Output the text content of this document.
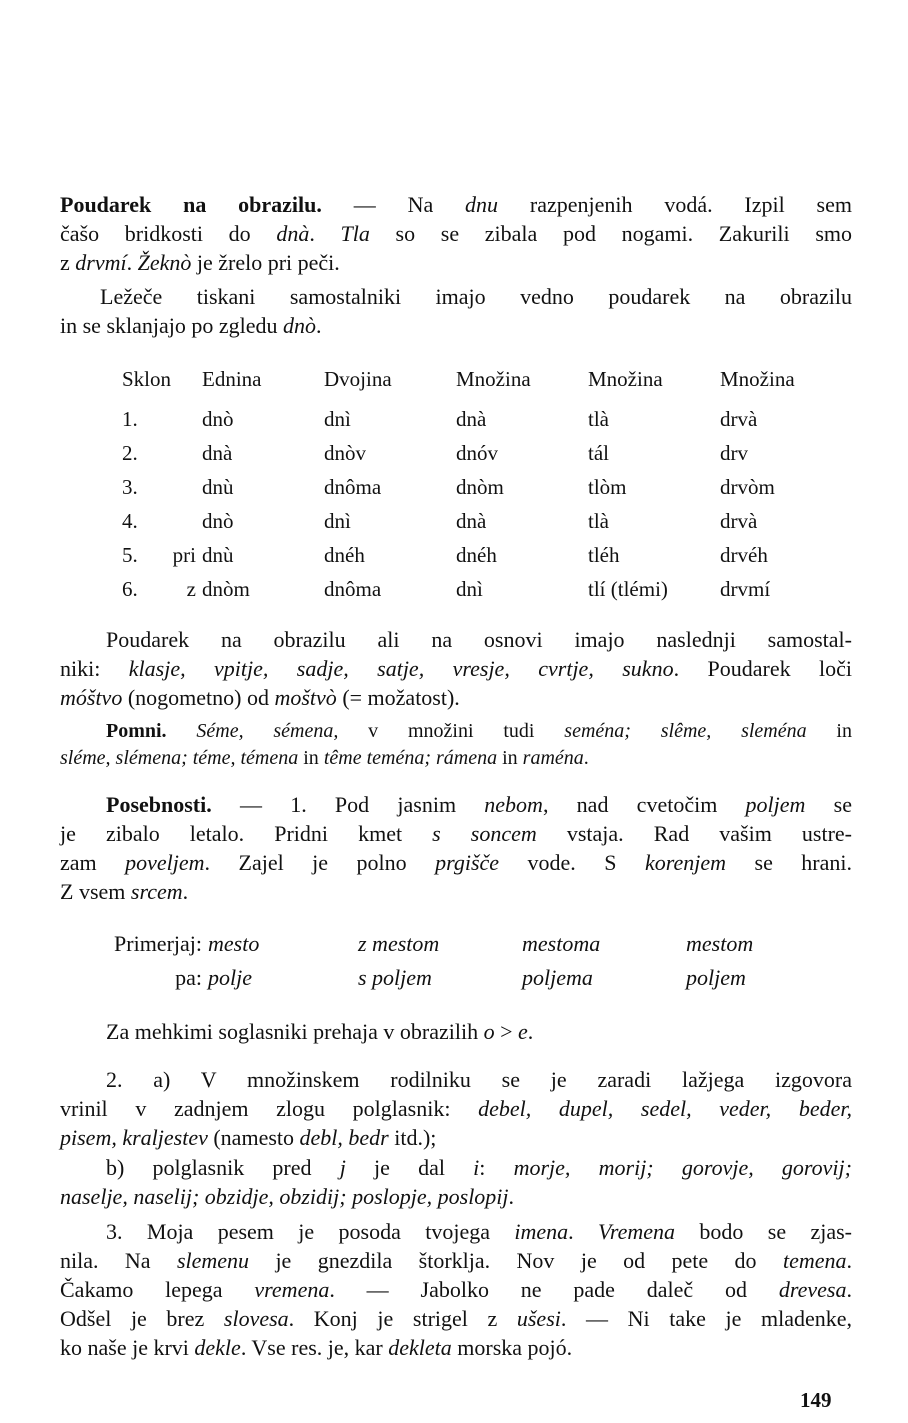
Poudarek na obrazilu. — Na dnu razpenjenih vodá. Izpil sem
čašo bridkosti do dnà. Tla so se zibala pod nogami. Zakurili smo
z drvmí. Žeknò je žrelo pri peči.
Ležeče tiskani samostalniki imajo vedno poudarek na obrazilu
in se sklanjajo po zgledu dnò.
Sklon	Ednina	Dvojina	Množina	Množina	Množina
1.	dnò	dnì	dnà	tlà	drvà
2.	dnà	dnòv	dnóv	tál	drv
3.	dnù	dnôma	dnòm	tlòm	drvòm
4.	dnò	dnì	dnà	tlà	drvà
5.	pri dnù	dnéh	dnéh	tléh	drvéh
6.	z dnòm	dnôma	dnì	tlí (tlémi)	drvmí
Poudarek na obrazilu ali na osnovi imajo naslednji samostal-
niki: klasje, vpitje, sadje, satje, vresje, cvrtje, sukno. Poudarek loči
móštvo (nogometno) od moštvò (= možatost).
Pomni. Séme, sémena, v množini tudi seména; slême, sleména in
sléme, slémena; téme, témena in tême teména; rámena in raména.
Posebnosti. — 1. Pod jasnim nebom, nad cvetočim poljem se
je zibalo letalo. Pridni kmet s soncem vstaja. Rad vašim ustre-
zam poveljem. Zajel je polno prgišče vode. S korenjem se hrani.
Z vsem srcem.
Primerjaj:	mesto	z mestom	mestoma	mestom
pa:	polje	s poljem	poljema	poljem
Za mehkimi soglasniki prehaja v obrazilih o > e.
2. a) V množinskem rodilniku se je zaradi lažjega izgovora
vrinil v zadnjem zlogu polglasnik: debel, dupel, sedel, veder, beder,
pisem, kraljestev (namesto debl, bedr itd.);
b) polglasnik pred j je dal i: morje, morij; gorovje, gorovij;
naselje, naselij; obzidje, obzidij; poslopje, poslopij.
3. Moja pesem je posoda tvojega imena. Vremena bodo se zjas-
nila. Na slemenu je gnezdila štorklja. Nov je od pete do temena.
Čakamo lepega vremena. — Jabolko ne pade daleč od drevesa.
Odšel je brez slovesa. Konj je strigel z ušesi. — Ni take je mladenke,
ko naše je krvi dekle. Vse res. je, kar dekleta morska pojó.
149
